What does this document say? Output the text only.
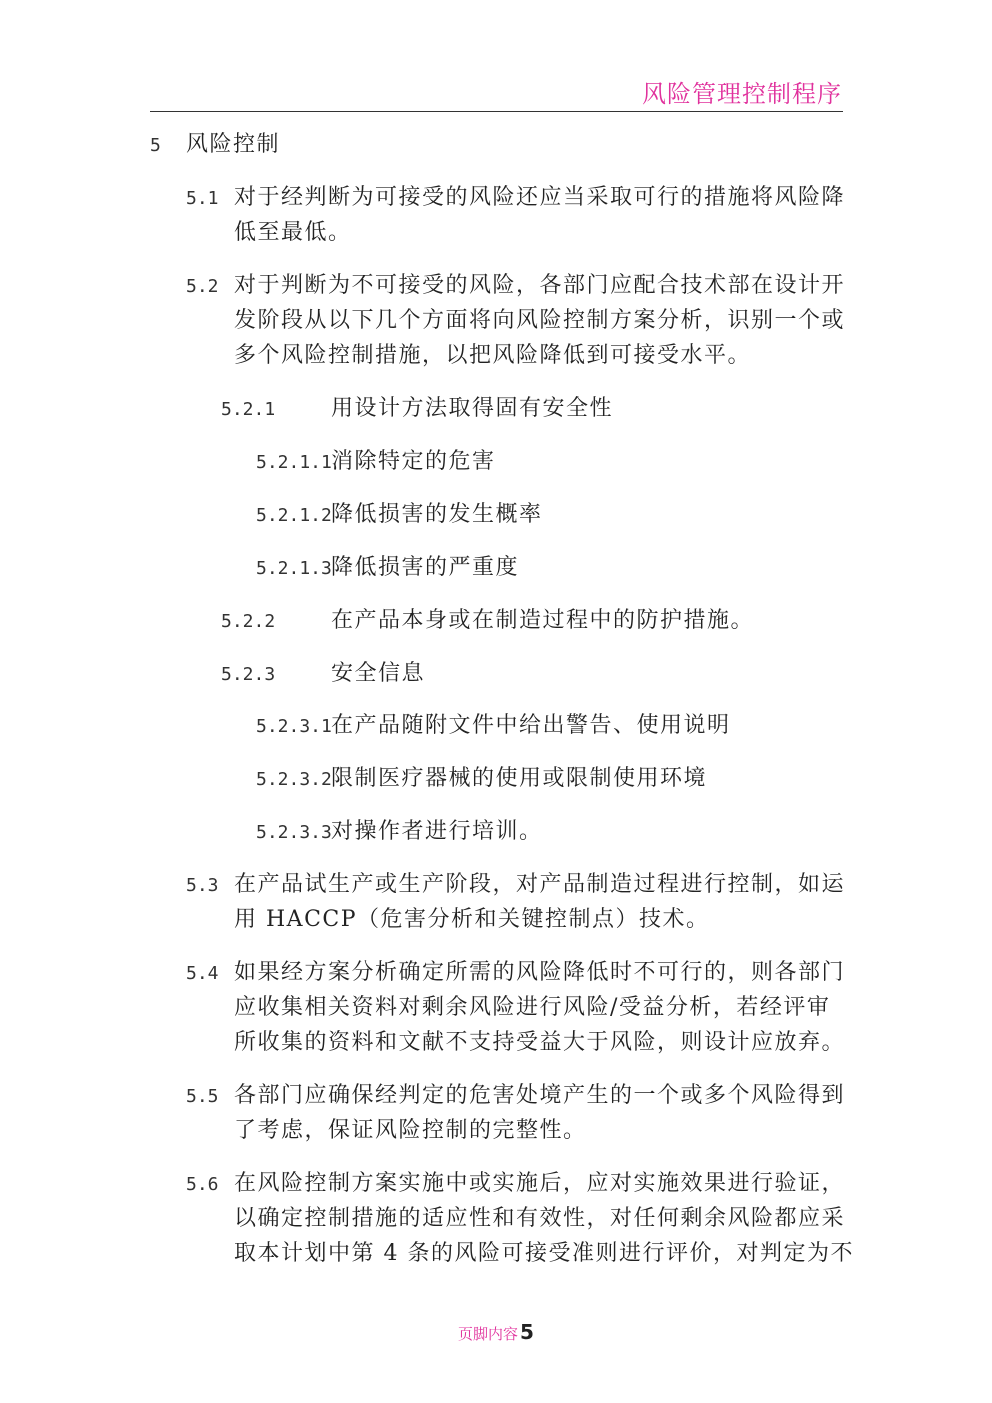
风险管理控制程序
5 风险控制
5.1 对于经判断为可接受的风险还应当采取可行的措施将风险降
低至最低。
5.2 对于判断为不可接受的风险，各部门应配合技术部在设计开
发阶段从以下几个方面将向风险控制方案分析，识别一个或
多个风险控制措施，以把风险降低到可接受水平。
5.2.1	用设计方法取得固有安全性
5.2.1.1 消除特定的危害
5.2.1.2 降低损害的发生概率
5.2.1.3 降低损害的严重度
5.2.2	在产品本身或在制造过程中的防护措施。
5.2.3	安全信息
5.2.3.1 在产品随附文件中给出警告、使用说明
5.2.3.2 限制医疗器械的使用或限制使用环境
5.2.3.3 对操作者进行培训。
5.3 在产品试生产或生产阶段，对产品制造过程进行控制，如运
用 HACCP（危害分析和关键控制点）技术。
5.4 如果经方案分析确定所需的风险降低时不可行的，则各部门
应收集相关资料对剩余风险进行风险/受益分析，若经评审
所收集的资料和文献不支持受益大于风险，则设计应放弃。
5.5 各部门应确保经判定的危害处境产生的一个或多个风险得到
了考虑，保证风险控制的完整性。
5.6 在风险控制方案实施中或实施后，应对实施效果进行验证，
以确定控制措施的适应性和有效性，对任何剩余风险都应采
取本计划中第 4 条的风险可接受准则进行评价，对判定为不
页脚内容 5
